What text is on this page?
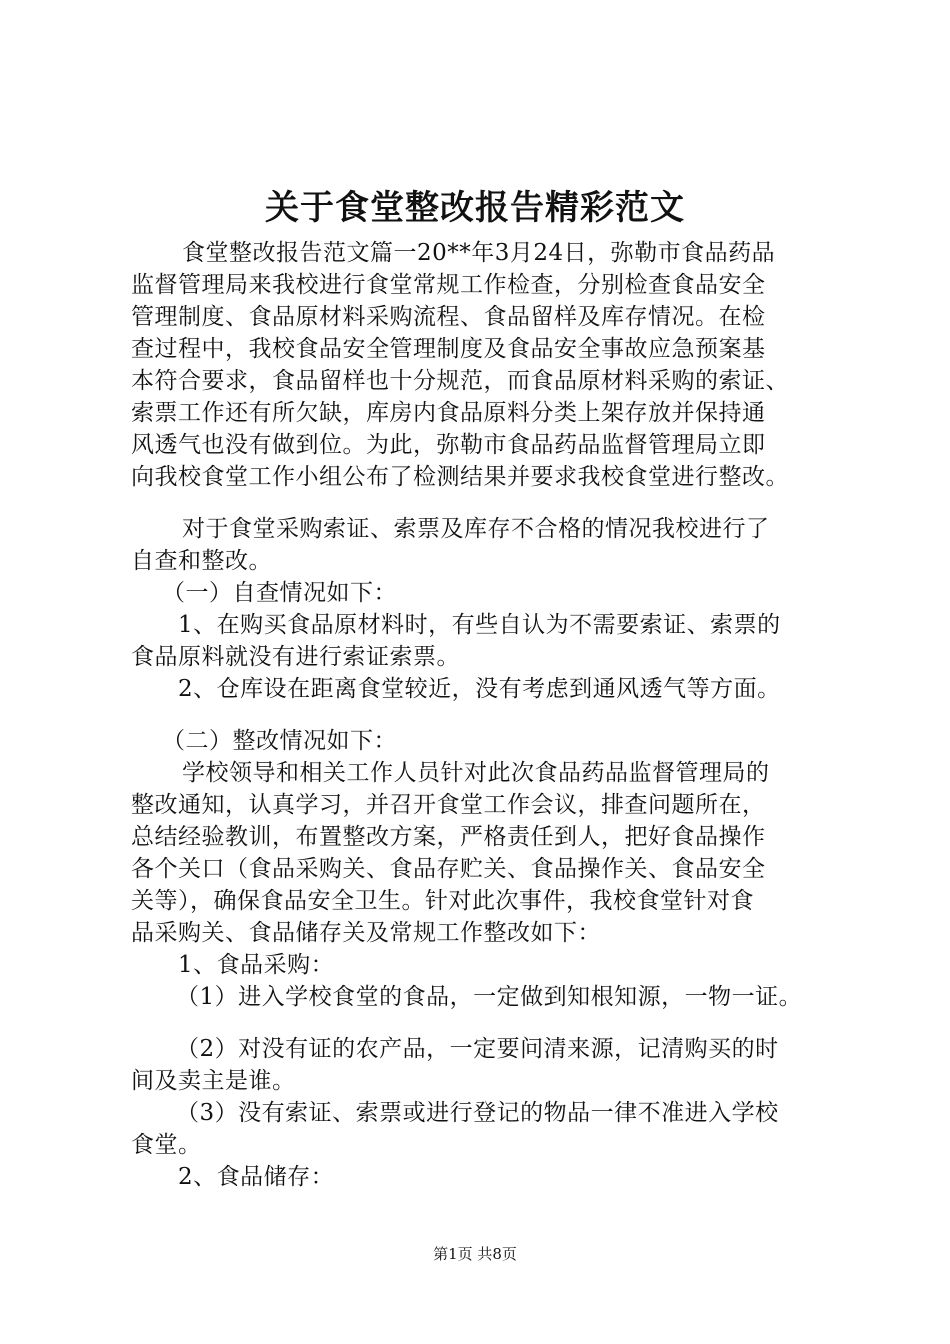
关于食堂整改报告精彩范文

食堂整改报告范文篇一20**年3月24日，弥勒市食品药品

监督管理局来我校进行食堂常规工作检查，分别检查食品安全

管理制度、食品原材料采购流程、食品留样及库存情况。在检

查过程中，我校食品安全管理制度及食品安全事故应急预案基

本符合要求，食品留样也十分规范，而食品原材料采购的索证、

索票工作还有所欠缺，库房内食品原料分类上架存放并保持通

风透气也没有做到位。为此，弥勒市食品药品监督管理局立即

向我校食堂工作小组公布了检测结果并要求我校食堂进行整改。

对于食堂采购索证、索票及库存不合格的情况我校进行了

自查和整改。

（一）自查情况如下：

1、在购买食品原材料时，有些自认为不需要索证、索票的

食品原料就没有进行索证索票。

2、仓库设在距离食堂较近，没有考虑到通风透气等方面。

（二）整改情况如下：

学校领导和相关工作人员针对此次食品药品监督管理局的

整改通知，认真学习，并召开食堂工作会议，排查问题所在，

总结经验教训，布置整改方案，严格责任到人，把好食品操作

各个关口（食品采购关、食品存贮关、食品操作关、食品安全

关等），确保食品安全卫生。针对此次事件，我校食堂针对食

品采购关、食品储存关及常规工作整改如下：

1、食品采购：

（1）进入学校食堂的食品，一定做到知根知源，一物一证。

（2）对没有证的农产品，一定要问清来源，记清购买的时

间及卖主是谁。

（3）没有索证、索票或进行登记的物品一律不准进入学校

食堂。

2、食品储存：

第1页 共8页
